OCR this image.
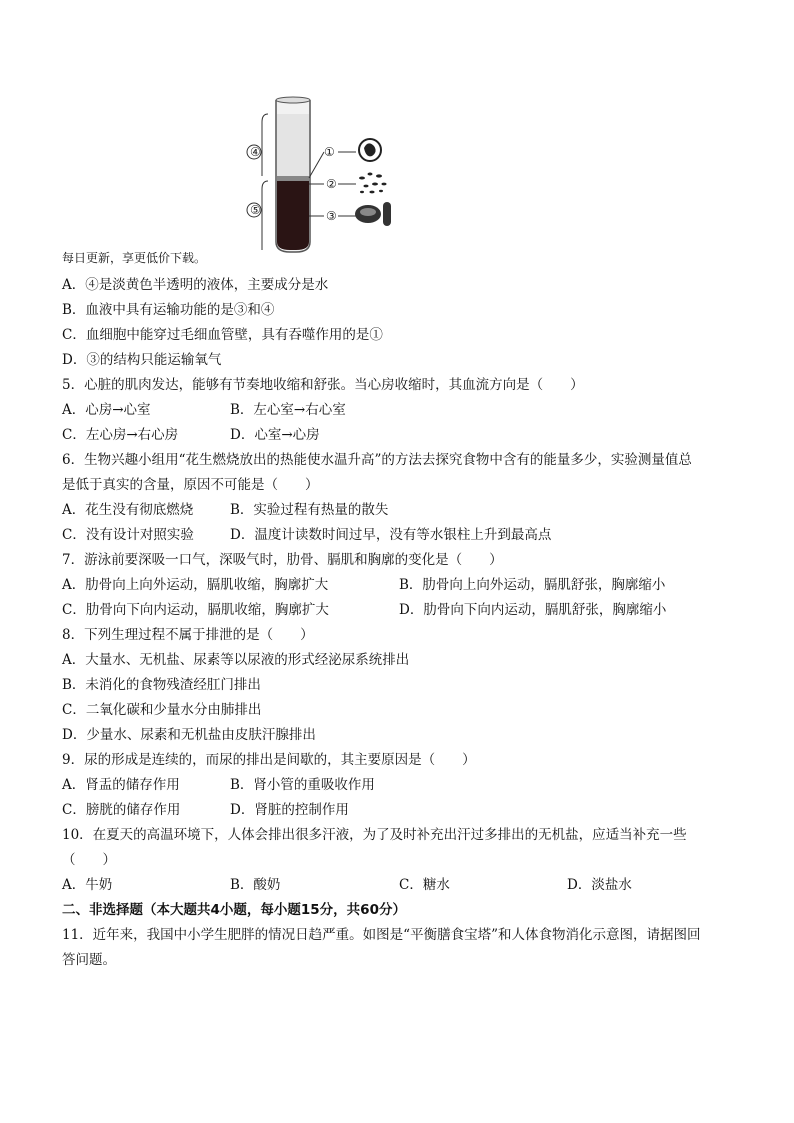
④
⑤
①
②
③
每日更新，享更低价下载。
A．④是淡黄色半透明的液体，主要成分是水
B．血液中具有运输功能的是③和④
C．血细胞中能穿过毛细血管壁，具有吞噬作用的是①
D．③的结构只能运输氧气
5．心脏的肌肉发达，能够有节奏地收缩和舒张。当心房收缩时，其血流方向是（　　）
A．心房→心室	B．左心室→右心室
C．左心房→右心房	D．心室→心房
6．生物兴趣小组用“花生燃烧放出的热能使水温升高”的方法去探究食物中含有的能量多少，实验测量值总
是低于真实的含量，原因不可能是（　　）
A．花生没有彻底燃烧	B．实验过程有热量的散失
C．没有设计对照实验	D．温度计读数时间过早，没有等水银柱上升到最高点
7．游泳前要深吸一口气，深吸气时，肋骨、膈肌和胸廓的变化是（　　）
A．肋骨向上向外运动，膈肌收缩，胸廓扩大	B．肋骨向上向外运动，膈肌舒张，胸廓缩小
C．肋骨向下向内运动，膈肌收缩，胸廓扩大	D．肋骨向下向内运动，膈肌舒张，胸廓缩小
8．下列生理过程不属于排泄的是（　　）
A．大量水、无机盐、尿素等以尿液的形式经泌尿系统排出
B．未消化的食物残渣经肛门排出
C．二氧化碳和少量水分由肺排出
D．少量水、尿素和无机盐由皮肤汗腺排出
9．尿的形成是连续的，而尿的排出是间歇的，其主要原因是（　　）
A．肾盂的储存作用	B．肾小管的重吸收作用
C．膀胱的储存作用	D．肾脏的控制作用
10．在夏天的高温环境下，人体会排出很多汗液，为了及时补充出汗过多排出的无机盐，应适当补充一些
（　　）
A．牛奶	B．酸奶	C．糖水	D．淡盐水
二、非选择题（本大题共4小题，每小题15分，共60分）
11．近年来，我国中小学生肥胖的情况日趋严重。如图是“平衡膳食宝塔”和人体食物消化示意图，请据图回
答问题。
